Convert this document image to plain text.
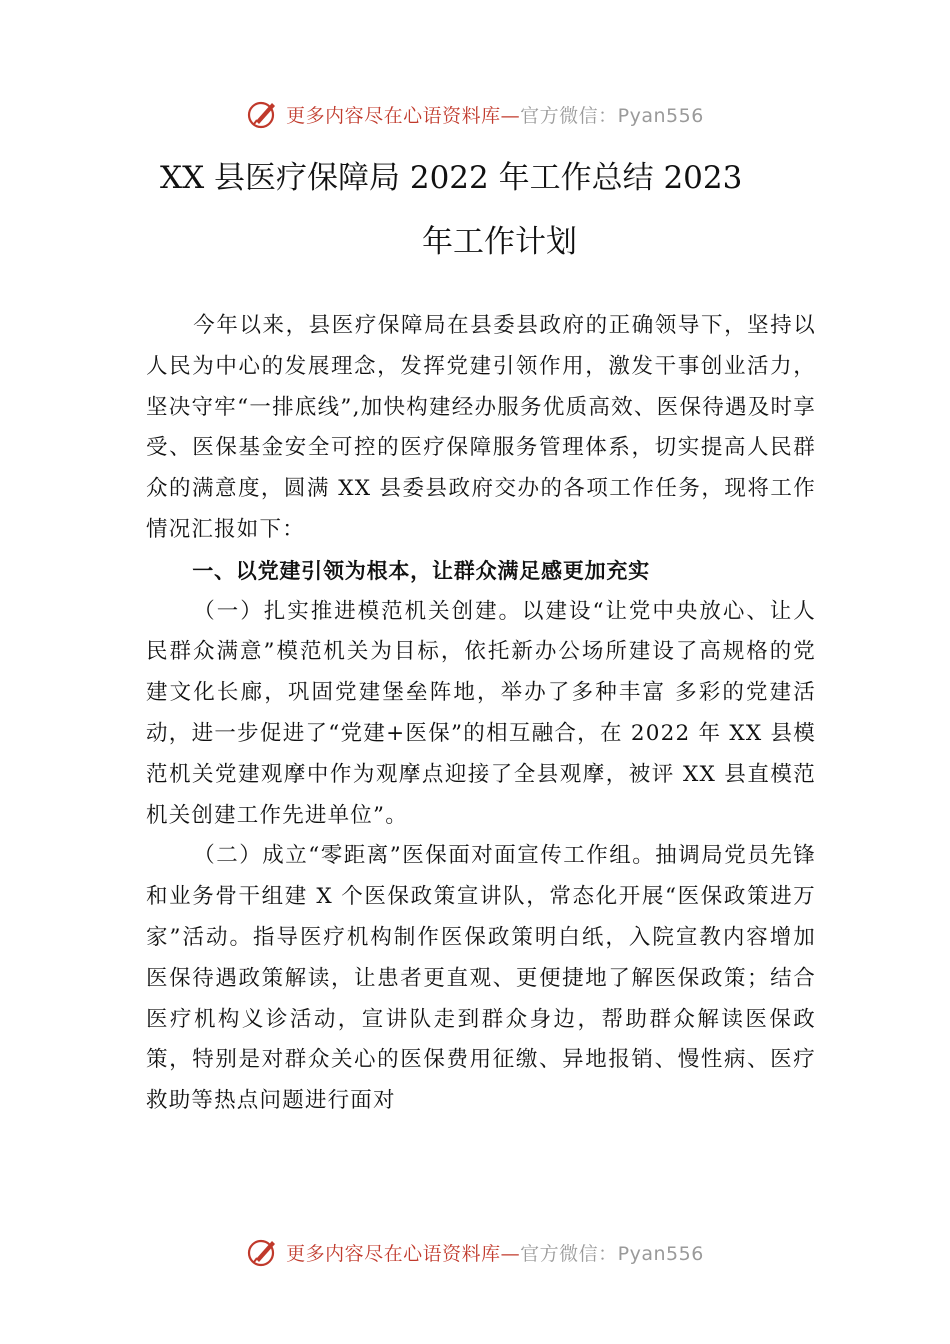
更多内容尽在心语资料库— 官方微信：Pyan556
XX 县医疗保障局 2022 年工作总结 2023
年工作计划

今年以来，县医疗保障局在县委县政府的正确领导下，坚持以人民为中心的发展理念，发挥党建引领作用，激发干事创业活力，坚决守牢“一排底线”,加快构建经办服务优质高效、医保待遇及时享受、医保基金安全可控的医疗保障服务管理体系，切实提高人民群众的满意度，圆满 XX 县委县政府交办的各项工作任务，现将工作情况汇报如下：

一、以党建引领为根本，让群众满足感更加充实

（一）扎实推进模范机关创建。以建设“让党中央放心、让人民群众满意”模范机关为目标，依托新办公场所建设了高规格的党建文化长廊，巩固党建堡垒阵地，举办了多种丰富 多彩的党建活动，进一步促进了“党建+医保”的相互融合，在 2022 年 XX 县模范机关党建观摩中作为观摩点迎接了全县观摩，被评 XX 县直模范机关创建工作先进单位”。

（二）成立“零距离”医保面对面宣传工作组。抽调局党员先锋和业务骨干组建 X 个医保政策宣讲队，常态化开展“医保政策进万家”活动。指导医疗机构制作医保政策明白纸，入院宣教内容增加医保待遇政策解读，让患者更直观、更便捷地了解医保政策；结合医疗机构义诊活动，宣讲队走到群众身边，帮助群众解读医保政策，特别是对群众关心的医保费用征缴、异地报销、慢性病、医疗救助等热点问题进行面对

更多内容尽在心语资料库— 官方微信：Pyan556
